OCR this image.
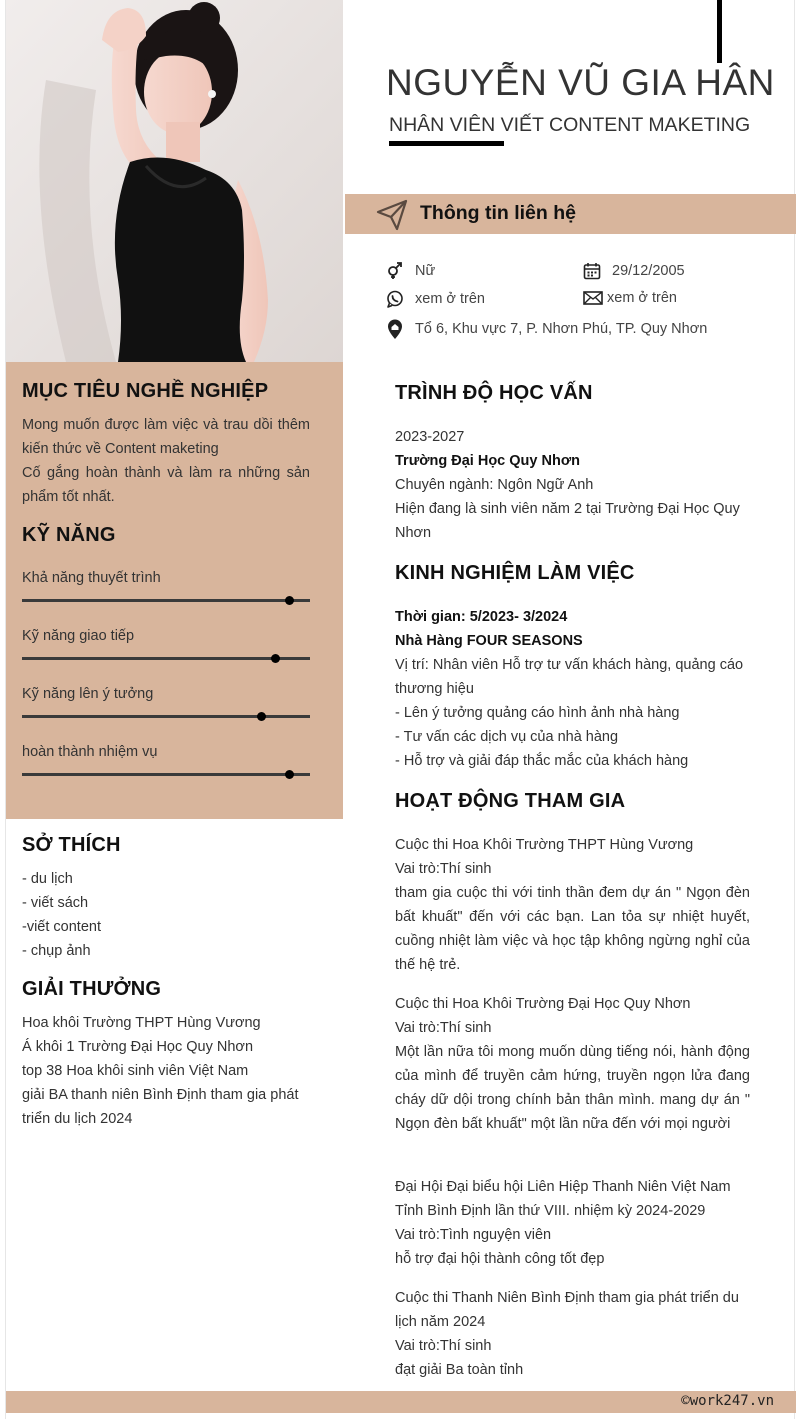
MỤC TIÊU NGHỀ NGHIỆP
Mong muốn được làm việc và trau dồi thêm kiến thức về Content maketing
Cố gắng hoàn thành và làm ra những sản phẩm tốt nhất.
KỸ NĂNG
Khả năng thuyết trình
Kỹ năng giao tiếp
Kỹ năng lên ý tưởng
hoàn thành nhiệm vụ
SỞ THÍCH
- du lịch
- viết sách
-viết content
- chụp ảnh
GIẢI THƯỞNG
Hoa khôi Trường THPT Hùng Vương
Á khôi 1 Trường Đại Học Quy Nhơn
top 38 Hoa khôi sinh viên Việt Nam
giải BA thanh niên Bình Định tham gia phát triển du lịch 2024
NGUYỄN VŨ GIA HÂN
NHÂN VIÊN VIẾT CONTENT MAKETING
Thông tin liên hệ
Nữ	29/12/2005
xem ở trên	xem ở trên
Tổ 6, Khu vực 7, P. Nhơn Phú, TP. Quy Nhơn
TRÌNH ĐỘ HỌC VẤN
2023-2027
Trường Đại Học Quy Nhơn
Chuyên ngành: Ngôn Ngữ Anh
Hiện đang là sinh viên năm 2 tại Trường Đại Học Quy Nhơn
KINH NGHIỆM LÀM VIỆC
Thời gian: 5/2023- 3/2024
Nhà Hàng FOUR SEASONS
Vị trí: Nhân viên Hỗ trợ tư vấn khách hàng, quảng cáo thương hiệu
- Lên ý tưởng quảng cáo hình ảnh nhà hàng
- Tư vấn các dịch vụ của nhà hàng
- Hỗ trợ và giải đáp thắc mắc của khách hàng
HOẠT ĐỘNG THAM GIA
Cuộc thi Hoa Khôi Trường THPT Hùng Vương
Vai trò:Thí sinh
tham gia cuộc thi với tinh thần đem dự án " Ngọn đèn bất khuất" đến với các bạn. Lan tỏa sự nhiệt huyết, cuồng nhiệt làm việc và học tập không ngừng nghỉ của thế hệ trẻ.
Cuộc thi Hoa Khôi Trường Đại Học Quy Nhơn
Vai trò:Thí sinh
Một lần nữa tôi mong muốn dùng tiếng nói, hành động của mình để truyền cảm hứng, truyền ngọn lửa đang cháy dữ dội trong chính bản thân mình. mang dự án " Ngọn đèn bất khuất" một lần nữa đến với mọi người
Đại Hội Đại biểu hội Liên Hiệp Thanh Niên Việt Nam Tỉnh Bình Định lần thứ VIII. nhiệm kỳ 2024-2029
Vai trò:Tình nguyện viên
hỗ trợ đại hội thành công tốt đẹp
Cuộc thi Thanh Niên Bình Định tham gia phát triển du lịch năm 2024
Vai trò:Thí sinh
đạt giải Ba toàn tỉnh
©work247.vn
